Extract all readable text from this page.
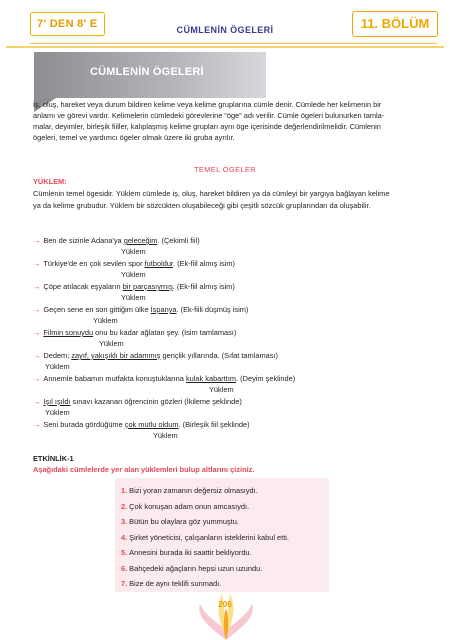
7' DEN 8' E	CÜMLENİN ÖGELERİ	11. BÖLÜM
CÜMLENİN ÖGELERİ
İş, oluş, hareket veya durum bildiren kelime veya kelime gruplarına cümle denir. Cümlede her kelimenin bir
anlamı ve görevi vardır. Kelimelerin cümledeki görevlerine “öge” adı verilir. Cümle ögeleri bulunurken tamla-
malar, deyimler, birleşik fiiller, kalıplaşmış kelime grupları aynı öge içerisinde değerlendirilmelidir. Cümlenin
ögeleri, temel ve yardımcı ögeler olmak üzere iki gruba ayrılır.
TEMEL ÖGELER
YÜKLEM:
Cümlenin temel ögesidir. Yüklem cümlede iş, oluş, hareket bildiren ya da cümleyi bir yargıya bağlayan kelime
ya da kelime grubudur. Yüklem bir sözcükten oluşabileceği gibi çeşitli sözcük gruplarından da oluşabilir.
→ Ben de sizinle Adana'ya geleceğim. (Çekimli fiil)
Yüklem
→ Türkiye'de en çok sevilen spor futboldur. (Ek-fiil almış isim)
Yüklem
→ Çöpe atılacak eşyaların bir parçasıymış. (Ek-fiil almış isim)
Yüklem
→ Geçen sene en son gittiğim ülke İspanya. (Ek-fiili düşmüş isim)
Yüklem
→ Filmin sonuydu onu bu kadar ağlatan şey. (İsim tamlaması)
Yüklem
→ Dedem; zayıf, yakışıklı bir adammış gençlik yıllarında. (Sıfat tamlaması)
Yüklem
→ Annemle babamın mutfakta konuştuklarına kulak kabarttım. (Deyim şeklinde)
Yüklem
→ Işıl ışıldı sınavı kazanan öğrencinin gözleri (İkileme şeklinde)
Yüklem
→ Seni burada gördüğüme çok mutlu oldum. (Birleşik fiil şeklinde)
Yüklem
ETKİNLİK-1
Aşağıdaki cümlelerde yer alan yüklemleri bulup altlarını çiziniz.
1. Bizi yoran zamanın değersiz olmasıydı.
2. Çok konuşan adam onun amcasıydı.
3. Bütün bu olaylara göz yummuştu.
4. Şirket yöneticisi, çalışanların isteklerini kabul etti.
5. Annesini burada iki saattir bekliyordu.
6. Bahçedeki ağaçların hepsi uzun uzundu.
7. Bize de aynı teklifi sunmadı.
206
